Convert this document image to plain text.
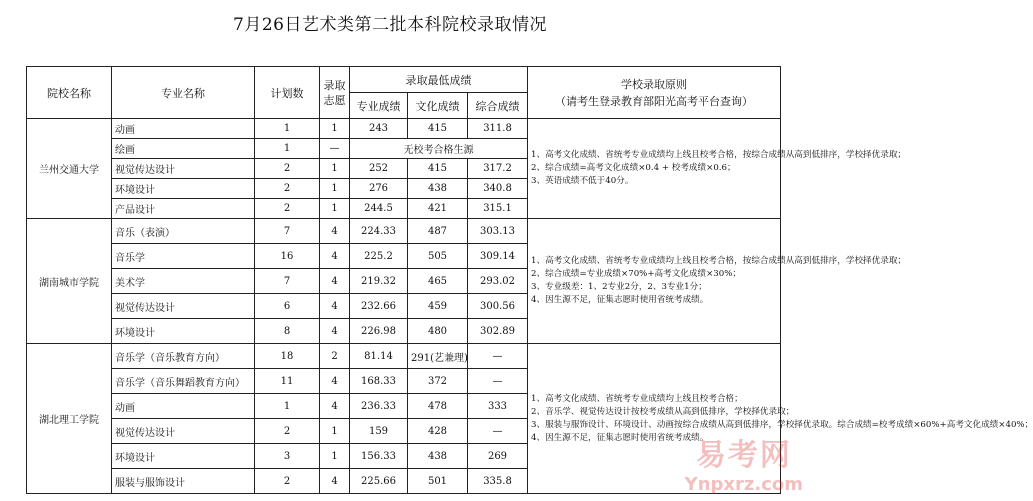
7月26日艺术类第二批本科院校录取情况
院校名称	专业名称	计划数	录取志愿	录取最低成绩			学校录取原则
（请考生登录教育部阳光高考平台查询）

				专业成绩	文化成绩	综合成绩	
兰州交通大学	动画	1	1	243	415	311.8	1、高考文化成绩、省统考专业成绩均上线且校考合格，按综合成绩从高到低排序，学校择优录取；

2、综合成绩=高考文化成绩×0.4 + 校考成绩×0.6；

3、英语成绩不低于40分。

	绘画	1	—	无校考合格生源			
	视觉传达设计	2	1	252	415	317.2	
	环境设计	2	1	276	438	340.8	
	产品设计	2	1	244.5	421	315.1	
湖南城市学院	音乐（表演）	7	4	224.33	487	303.13	1、高考文化成绩、省统考专业成绩均上线且校考合格，按综合成绩从高到低排序，学校择优录取；

2、综合成绩=专业成绩×70%+高考文化成绩×30%；

3、专业级差：1、2专业2分，2、3专业1分；

4、因生源不足，征集志愿时使用省统考成绩。

	音乐学	16	4	225.2	505	309.14	
	美术学	7	4	219.32	465	293.02	
	视觉传达设计	6	4	232.66	459	300.56	
	环境设计	8	4	226.98	480	302.89	
湖北理工学院	音乐学（音乐教育方向）	18	2	81.14	291(艺兼理)	—	1、高考文化成绩、省统考专业成绩均上线且校考合格；

2、音乐学、视觉传达设计按校考成绩从高到低排序，学校择优录取；

3、服装与服饰设计、环境设计、动画按综合成绩从高到低排序，学校择优录取。综合成绩=校考成绩×60%+高考文化成绩×40%；

4、因生源不足，征集志愿时使用省统考成绩。

	音乐学（音乐舞蹈教育方向）	11	4	168.33	372	—	
	动画	1	4	236.33	478	333	
	视觉传达设计	2	1	159	428	—	
	环境设计	3	1	156.33	438	269	
	服装与服饰设计	2	4	225.66	501	335.8	
易考网
Ynpxrz.com
